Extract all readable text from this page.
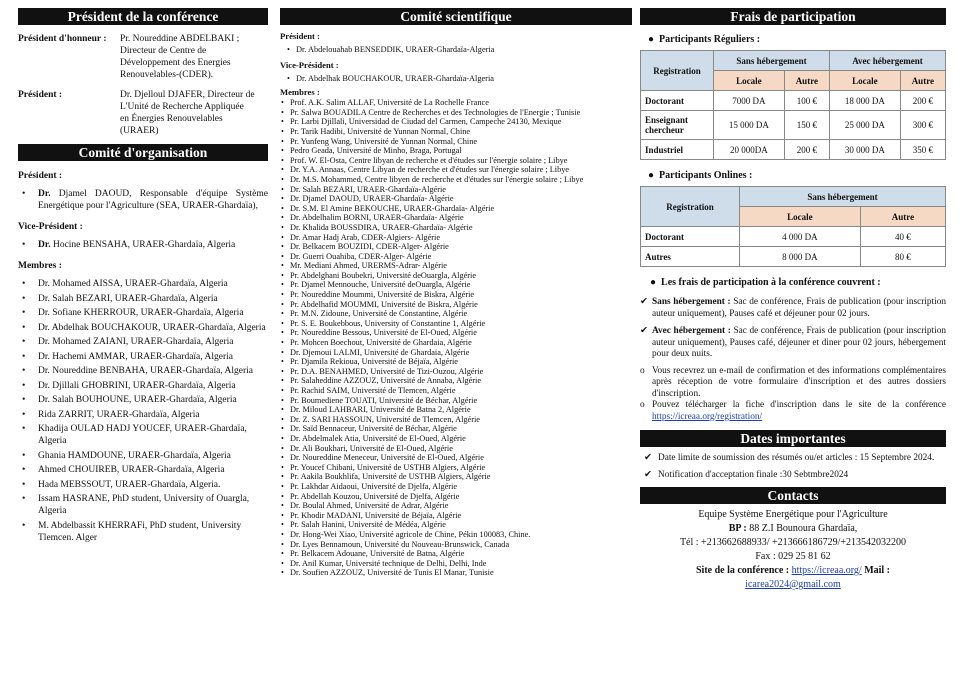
Président de la conférence
Président d'honneur :	Pr. Noureddine ABDELBAKI ;
Directeur de Centre de
Développement des Energies
Renouvelables-(CDER).
Président :	Dr. Djelloul DJAFER, Directeur de
L'Unité de Recherche Appliquée
en Énergies Renouvelables
(URAER)
Comité d'organisation
Président :
• Dr. Djamel DAOUD, Responsable d'équipe Système Energétique pour l'Agriculture (SEA, URAER-Ghardaïa),
Vice-Président :
• Dr. Hocine BENSAHA, URAER-Ghardaïa, Algeria
Membres :
• Dr. Mohamed AISSA, URAER-Ghardaïa, Algeria
• Dr. Salah BEZARI, URAER-Ghardaïa, Algeria
• Dr. Sofiane KHERROUR, URAER-Ghardaïa, Algeria
• Dr. Abdelhak BOUCHAKOUR, URAER-Ghardaïa, Algeria
• Dr. Mohamed ZAIANI, URAER-Ghardaïa, Algeria
• Dr. Hachemi AMMAR, URAER-Ghardaïa, Algeria
• Dr. Noureddine BENBAHA, URAER-Ghardaïa, Algeria
• Dr. Djillali GHOBRINI, URAER-Ghardaïa, Algeria
• Dr. Salah BOUHOUNE, URAER-Ghardaïa, Algeria
• Rida ZARRIT, URAER-Ghardaïa, Algeria
• Khadija OULAD HADJ YOUCEF, URAER-Ghardaïa, Algeria
• Ghania HAMDOUNE, URAER-Ghardaïa, Algeria
• Ahmed CHOUIREB, URAER-Ghardaïa, Algeria
• Hada MEBSSOUT, URAER-Ghardaïa, Algeria.
• Issam HASRANE, PhD student, University of Ouargla, Algeria
• M. Abdelbassit KHERRAFi, PhD student, University Tlemcen. Alger
Comité scientifique
Président :
• Dr. Abdelouahab BENSEDDIK, URAER-Ghardaïa-Algeria
Vice-Président :
• Dr. Abdelhak BOUCHAKOUR, URAER-Ghardaïa-Algeria
Membres :
• Prof. A.K. Salim ALLAF, Université de La Rochelle France
• Pr. Salwa BOUADILA Centre de Recherches et des Technologies de l'Energie ; Tunisie
• Pr. Larbi Djillali, Universidad de Ciudad del Carmen, Campeche 24130, Mexique
• Pr. Tarik Hadibi, Université de Yunnan Normal, Chine
• Pr. Yunfeng Wang, Université de Yunnan Normal, Chine
• Pedro Geada, Université de Minho, Braga, Portugal
• Prof. W. El-Osta, Centre libyan de recherche et d'études sur l'énergie solaire ; Libye
• Dr. Y.A. Annaas, Centre Libyan de recherche et d'études sur l'énergie solaire ; Libye
• Dr. M.S. Mohammed, Centre libyen de recherche et d'études sur l'énergie solaire ; Libye
• Dr. Salah BEZARI, URAER-Ghardaïa-Algérie
• Dr. Djamel DAOUD, URAER-Ghardaïa- Algérie
• Dr. S.M. El Amine BEKOUCHE, URAER-Ghardaïa- Algérie
• Dr. Abdelhalim BORNI, URAER-Ghardaïa- Algérie
• Dr. Khalida BOUSSDIRA, URAER-Ghardaïa- Algérie
• Dr. Amar Hadj Arab, CDER-Algiers- Algérie
• Dr. Belkacem BOUZIDI, CDER-Alger- Algérie
• Dr. Guerri Ouahiba, CDER-Alger- Algérie
• Mr. Mediani Ahmed, URERMS-Adrar- Algérie
• Pr. Abdelghani Boubekri, Université deOuargla, Algérie
• Pr. Djamel Mennouche, Université deOuargla, Algérie
• Pr. Noureddine Moummi, Université de Biskra, Algérie
• Pr. Abdelhafid MOUMMI, Université de Biskra, Algérie
• Pr. M.N. Zidoune, Université de Constantine, Algérie
• Pr. S. E. Boukebbous, University of Constantine 1, Algérie
• Pr. Noureddine Bessous, Université de El-Oued, Algérie
• Pr. Mohcen Boechout, Université de Ghardaia, Algérie
• Dr. Djemoui LALMI, Université de Ghardaia, Algérie
• Pr. Djamila Rekioua, Université de Béjaïa, Algérie
• Pr. D.A. BENAHMED, Université de Tizi-Ouzou, Algérie
• Pr. Salaheddine AZZOUZ, Université de Annaba, Algérie
• Pr. Rachid SAIM, Université de Tlemcen, Algérie
• Pr. Boumediene TOUATI, Université de Béchar, Algérie
• Dr. Miloud LAHBARI, Université de Batna 2, Algérie
• Dr. Z. SARI HASSOUN, Université de Tlemcen, Algérie
• Dr. Saïd Bennaceur, Université de Béchar, Algérie
• Dr. Abdelmalek Atia, Université de El-Oued, Algérie
• Dr. Ali Boukhari, Université de El-Oued, Algérie
• Dr. Noureddine Meneceur, Université de El-Oued, Algérie
• Pr. Youcef Chibani, Université de USTHB Algiers, Algérie
• Pr. Aakila Boukhlifa, Université de USTHB Algiers, Algérie
• Pr. Lakhdar Aidaoui, Université de Djelfa, Algérie
• Pr. Abdellah Kouzou, Université de Djelfa, Algérie
• Dr. Boulal Ahmed, Université de Adrar, Algérie
• Pr. Khodir MADANI, Université de Béjaïa, Algérie
• Pr. Salah Hanini, Université de Médéa, Algérie
• Dr. Hong-Wei Xiao, Université agricole de Chine, Pékin 100083, Chine.
• Dr. Lyes Bennamoun, Université du Nouveau-Brunswick, Canada
• Pr. Belkacem Adouane, Université de Batna, Algérie
• Dr. Anil Kumar, Université technique de Delhi, Delhi, Inde
• Dr. Soufien AZZOUZ, Université de Tunis El Manar, Tunisie
Frais de participation
●  Participants Réguliers :
Registration	Sans hébergement		Avec hébergement	
	Locale	Autre	Locale	Autre
Doctorant	7000 DA	100 €	18 000 DA	200 €
Enseignant chercheur	15 000 DA	150 €	25 000 DA	300 €
Industriel	20 000DA	200 €	30 000 DA	350 €
●  Participants Onlines :
Registration	Sans hébergement	
	Locale	Autre
Doctorant	4 000 DA	40 €
Autres	8 000 DA	80 €
●  Les frais de participation à la conférence couvrent :
✔ Sans hébergement : Sac de conférence, Frais de publication (pour inscription auteur uniquement), Pauses café et déjeuner pour 02 jours.
✔ Avec hébergement : Sac de conférence, Frais de publication (pour inscription auteur uniquement), Pauses café, déjeuner et diner pour 02 jours, hébergement pour deux nuits.
o Vous recevrez un e-mail de confirmation et des informations complémentaires après réception de votre formulaire d'inscription et des autres dossiers d'inscription.
o Pouvez télécharger la fiche d'inscription dans le site de la conférence https://icreaa.org/registration/
Dates importantes
✔ Date limite de soumission des résumés ou/et articles : 15 Septembre 2024.
✔ Notification d'acceptation finale :30 Sebtmbre2024
Contacts
Equipe Système Energétique pour l'Agriculture
BP : 88 Z.I Bounoura Ghardaïa,
Tél : +213662688933/ +213666186729/+213542032200
Fax : 029 25 81 62
Site de la conférence : https://icreaa.org/ Mail :
icarea2024@gmail.com
